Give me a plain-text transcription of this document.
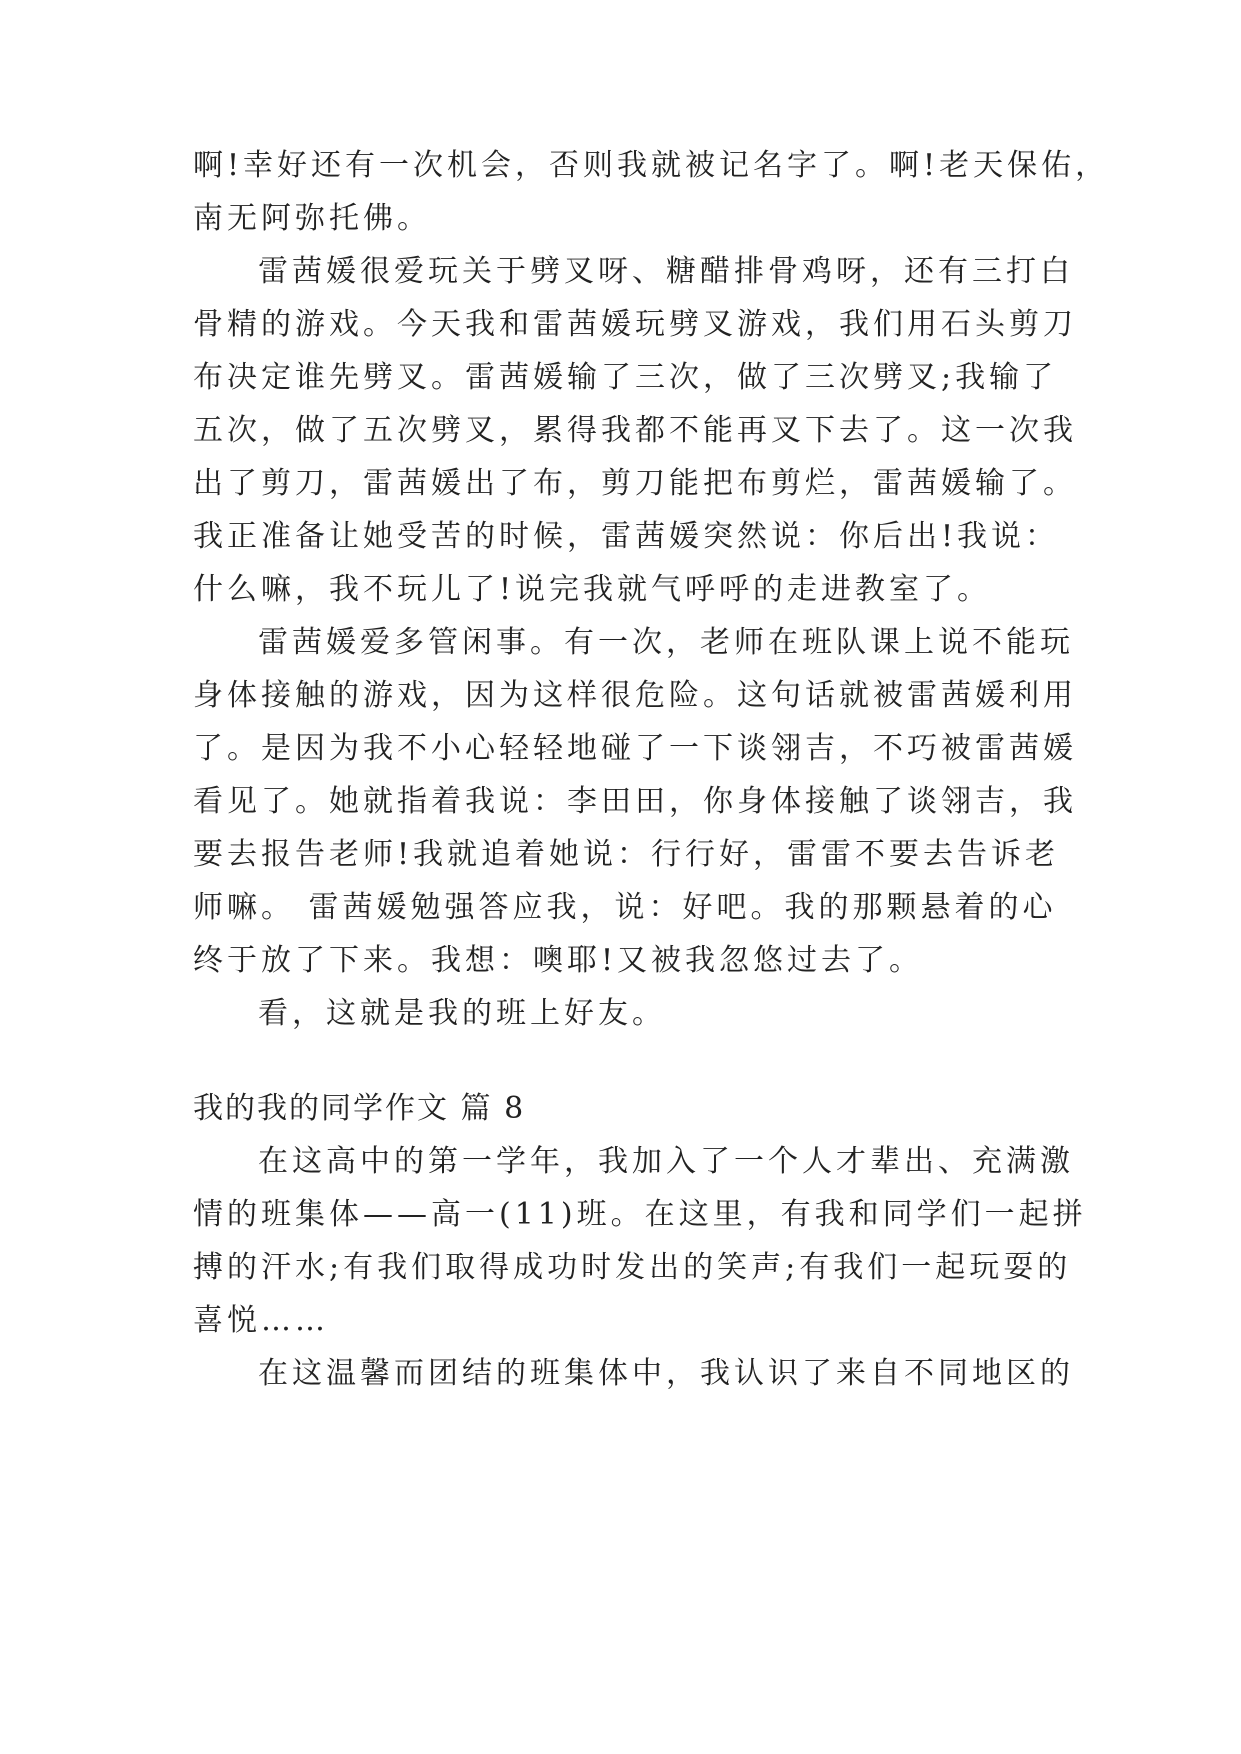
啊!幸好还有一次机会，否则我就被记名字了。啊!老天保佑，
南无阿弥托佛。
雷茜媛很爱玩关于劈叉呀、糖醋排骨鸡呀，还有三打白
骨精的游戏。今天我和雷茜媛玩劈叉游戏，我们用石头剪刀
布决定谁先劈叉。雷茜媛输了三次，做了三次劈叉;我输了
五次，做了五次劈叉，累得我都不能再叉下去了。这一次我
出了剪刀，雷茜媛出了布，剪刀能把布剪烂，雷茜媛输了。
我正准备让她受苦的时候，雷茜媛突然说：你后出!我说：
什么嘛，我不玩儿了!说完我就气呼呼的走进教室了。
雷茜媛爱多管闲事。有一次，老师在班队课上说不能玩
身体接触的游戏，因为这样很危险。这句话就被雷茜媛利用
了。是因为我不小心轻轻地碰了一下谈翎吉，不巧被雷茜媛
看见了。她就指着我说：李田田，你身体接触了谈翎吉，我
要去报告老师!我就追着她说：行行好，雷雷不要去告诉老
师嘛。 雷茜媛勉强答应我，说：好吧。我的那颗悬着的心
终于放了下来。我想：噢耶!又被我忽悠过去了。
看，这就是我的班上好友。
我的我的同学作文 篇 8
在这高中的第一学年，我加入了一个人才辈出、充满激
情的班集体——高一(11)班。在这里，有我和同学们一起拼
搏的汗水;有我们取得成功时发出的笑声;有我们一起玩耍的
喜悦……
在这温馨而团结的班集体中，我认识了来自不同地区的
